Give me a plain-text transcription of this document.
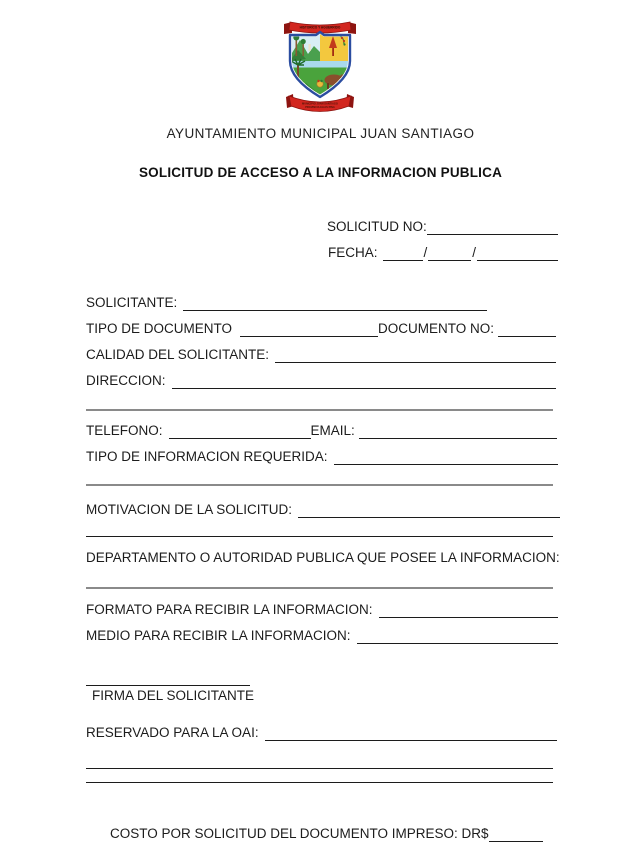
HISTORICO Y AGUERRIDO
MUNICIPIO JUAN SANTIAGO
PROVINCIA ELIAS PINA
AYUNTAMIENTO MUNICIPAL JUAN SANTIAGO
SOLICITUD DE ACCESO A LA INFORMACION PUBLICA
SOLICITUD NO:
FECHA:	/	/
SOLICITANTE:
TIPO DE DOCUMENTO	DOCUMENTO NO:
CALIDAD DEL SOLICITANTE:
DIRECCION:
TELEFONO:	EMAIL:
TIPO DE INFORMACION REQUERIDA:
MOTIVACION DE LA SOLICITUD:
DEPARTAMENTO O AUTORIDAD PUBLICA QUE POSEE LA INFORMACION:
FORMATO PARA RECIBIR LA INFORMACION:
MEDIO PARA RECIBIR LA INFORMACION:
FIRMA DEL SOLICITANTE
RESERVADO PARA LA OAI:
COSTO POR SOLICITUD DEL DOCUMENTO IMPRESO: DR$
